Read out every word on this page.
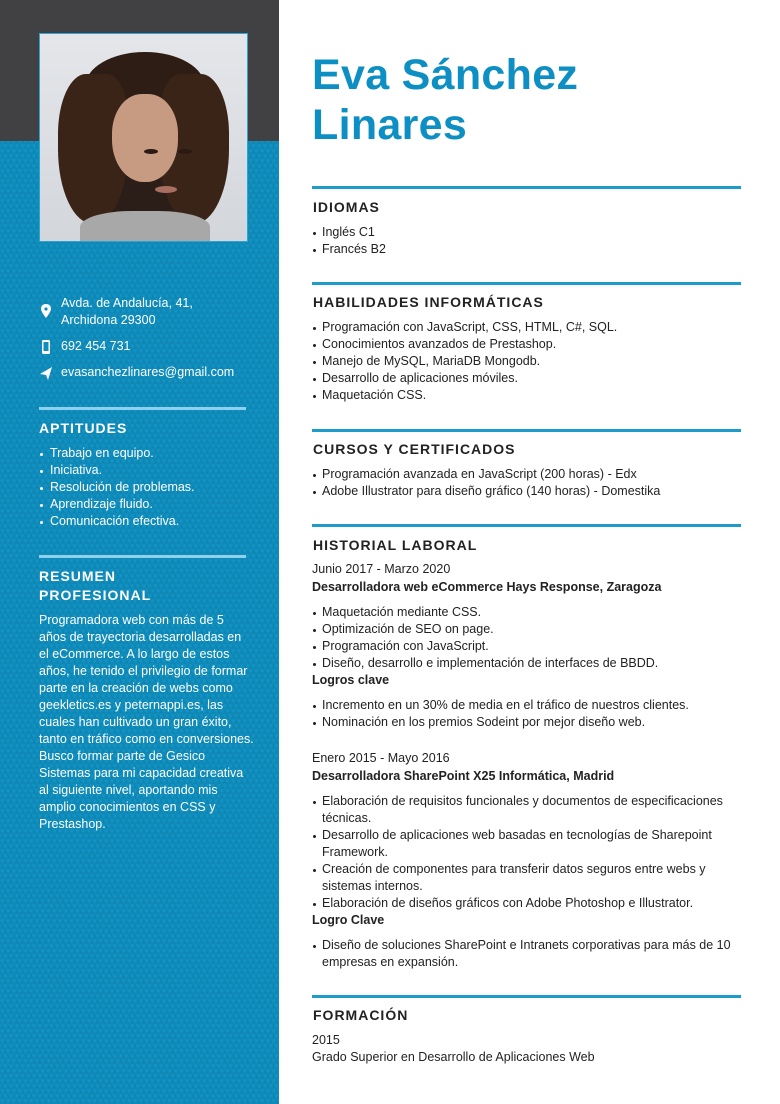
Avda. de Andalucía, 41,
Archidona 29300
692 454 731
evasanchezlinares@gmail.com
APTITUDES
Trabajo en equipo.
Iniciativa.
Resolución de problemas.
Aprendizaje fluido.
Comunicación efectiva.
RESUMEN
PROFESIONAL
Programadora web con más de 5 años de trayectoria desarrolladas en el eCommerce. A lo largo de estos años, he tenido el privilegio de formar parte en la creación de webs como geekletics.es y peternappi.es, las cuales han cultivado un gran éxito, tanto en tráfico como en conversiones. Busco formar parte de Gesico Sistemas para mi capacidad creativa al siguiente nivel, aportando mis amplio conocimientos en CSS y Prestashop.
Eva Sánchez
Linares
IDIOMAS
Inglés C1
Francés B2
HABILIDADES INFORMÁTICAS
Programación con JavaScript, CSS, HTML, C#, SQL.
Conocimientos avanzados de Prestashop.
Manejo de MySQL, MariaDB Mongodb.
Desarrollo de aplicaciones móviles.
Maquetación CSS.
CURSOS Y CERTIFICADOS
Programación avanzada en JavaScript (200 horas) - Edx
Adobe Illustrator para diseño gráfico (140 horas) - Domestika
HISTORIAL LABORAL
Junio 2017 - Marzo 2020
Desarrolladora web eCommerce Hays Response, Zaragoza
Maquetación mediante CSS.
Optimización de SEO on page.
Programación con JavaScript.
Diseño, desarrollo e implementación de interfaces de BBDD.
Logros clave
Incremento en un 30% de media en el tráfico de nuestros clientes.
Nominación en los premios Sodeint por mejor diseño web.
Enero 2015 - Mayo 2016
Desarrolladora SharePoint X25 Informática, Madrid
Elaboración de requisitos funcionales y documentos de especificaciones técnicas.
Desarrollo de aplicaciones web basadas en tecnologías de Sharepoint Framework.
Creación de componentes para transferir datos seguros entre webs y sistemas internos.
Elaboración de diseños gráficos con Adobe Photoshop e Illustrator.
Logro Clave
Diseño de soluciones SharePoint e Intranets corporativas para más de 10 empresas en expansión.
FORMACIÓN
2015
Grado Superior en Desarrollo de Aplicaciones Web
